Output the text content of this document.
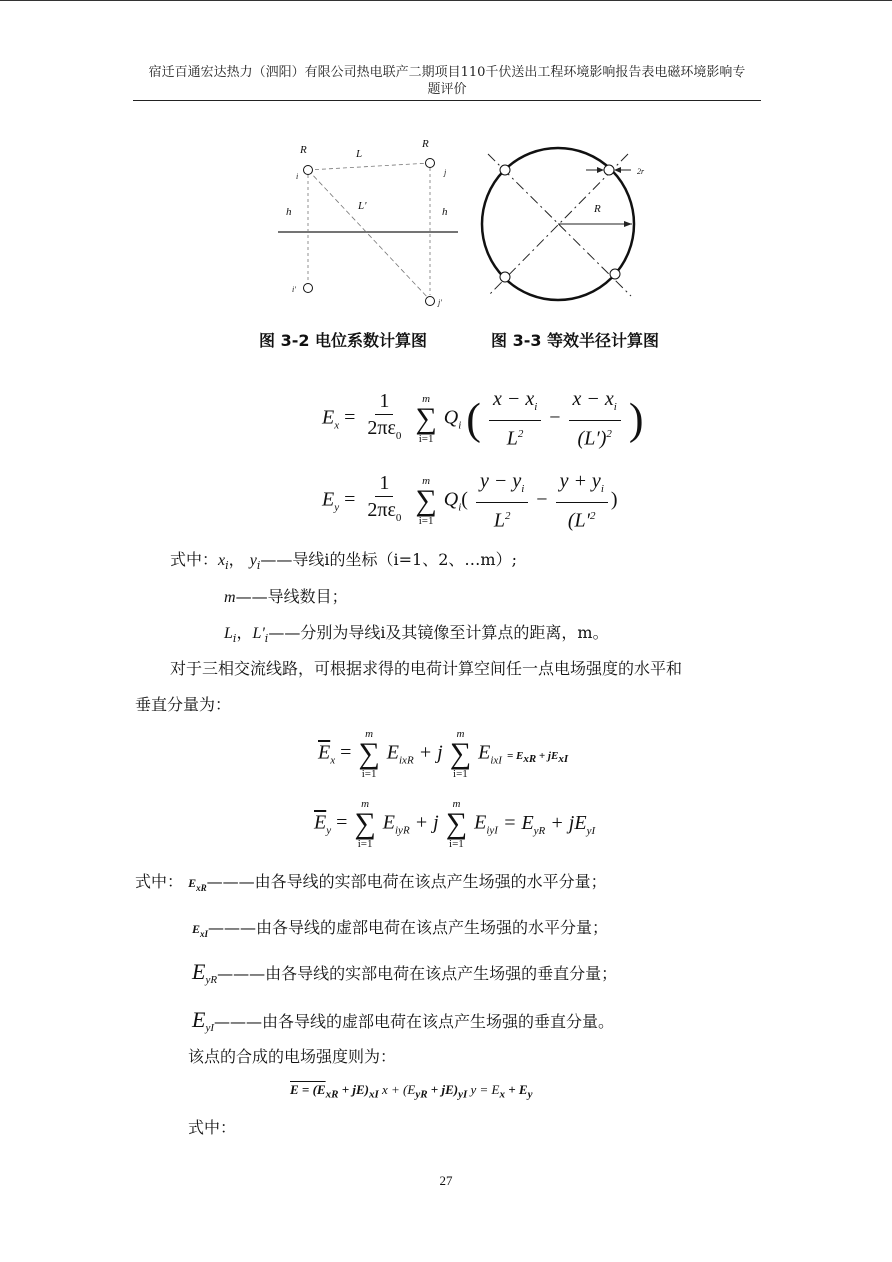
宿迁百通宏达热力（泗阳）有限公司热电联产二期项目110千伏送出工程环境影响报告表电磁环境影响专
题评价
R	R
L
L'
h	h
i	j
i'
j'
R
2r
图 3-2 电位系数计算图	图 3-3 等效半径计算图
$E_x = \frac{1}{2\pi\varepsilon_0}$
m
∑
i=1
$Q_i$ ( $\frac{x - x_i}{L^2} - \frac{x - x_i}{(L')^2}$ )
$E_y = \frac{1}{2\pi\varepsilon_0}$
m
∑
i=1
$Q_i( \frac{y - y_i}{L^2} - \frac{y + y_i}{(L'^2}$ )
式中：$x_i$， $y_i——$导线i的坐标（i=1、2、…m）;
m——导线数目；
$L_i$，$L'_i——$分别为导线i及其镜像至计算点的距离，m。
对于三相交流线路，可根据求得的电荷计算空间任一点电场强度的水平和
垂直分量为：
$\overline{E}_x$ =
m
∑
i=1
$E_{ixR} + j$
m
∑
i=1
$E_{ixI} = E_{xR} + jE_{xI}$
$\overline{E}_y$ =
m
∑
i=1
$E_{iyR} + j$
m
∑
i=1
$E_{iyI} = E_{yR} + jE_{yI}$
式中： $E_{xR}———$由各导线的实部电荷在该点产生场强的水平分量；
$E_{xI}———$由各导线的虚部电荷在该点产生场强的水平分量；
$E_{yR}———$由各导线的实部电荷在该点产生场强的垂直分量；
$E_{yI}———$由各导线的虚部电荷在该点产生场强的垂直分量。
该点的合成的电场强度则为：
$E = (E_{xR} + jE)_{xI}$ $x + (E_{yR} + jE)_{yI}$ $y = E_x + E_y$
式中：
27
